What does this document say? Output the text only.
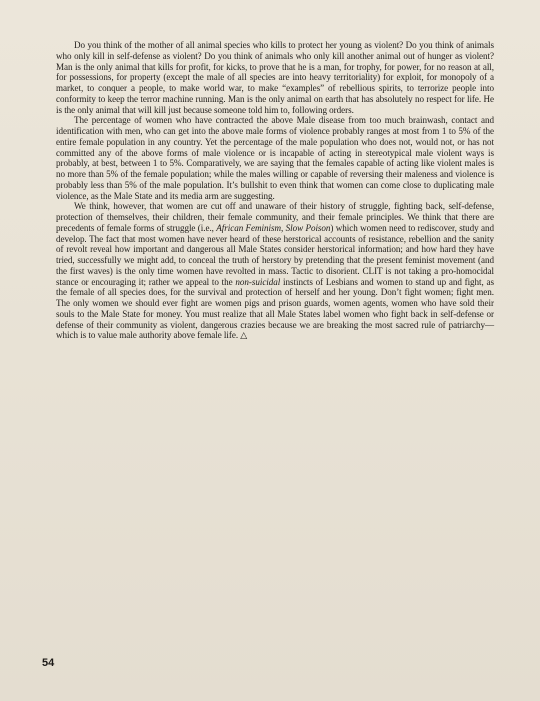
Do you think of the mother of all animal species who kills to protect her young as violent? Do you think of animals who only kill in self-defense as violent? Do you think of animals who only kill another animal out of hunger as violent? Man is the only animal that kills for profit, for kicks, to prove that he is a man, for trophy, for power, for no reason at all, for possessions, for property (except the male of all species are into heavy territoriality) for exploit, for monopoly of a market, to conquer a people, to make world war, to make “examples” of rebellious spirits, to terrorize people into conformity to keep the terror machine running. Man is the only animal on earth that has absolutely no respect for life. He is the only animal that will kill just because someone told him to, following orders.

The percentage of women who have contracted the above Male disease from too much brainwash, contact and identification with men, who can get into the above male forms of violence probably ranges at most from 1 to 5% of the entire female population in any country. Yet the percentage of the male population who does not, would not, or has not committed any of the above forms of male violence or is incapable of acting in stereotypical male violent ways is probably, at best, between 1 to 5%. Comparatively, we are saying that the females capable of acting like violent males is no more than 5% of the female population; while the males willing or capable of reversing their maleness and violence is probably less than 5% of the male population. It’s bullshit to even think that women can come close to duplicating male violence, as the Male State and its media arm are suggesting.

We think, however, that women are cut off and unaware of their history of struggle, fighting back, self-defense, protection of themselves, their children, their female community, and their female principles. We think that there are precedents of female forms of struggle (i.e., African Feminism, Slow Poison) which women need to rediscover, study and develop. The fact that most women have never heard of these herstorical accounts of resistance, rebellion and the sanity of revolt reveal how important and dangerous all Male States consider herstorical information; and how hard they have tried, successfully we might add, to conceal the truth of herstory by pretending that the present feminist movement (and the first waves) is the only time women have revolted in mass. Tactic to disorient. CLIT is not taking a pro-homocidal stance or encouraging it; rather we appeal to the non-suicidal instincts of Lesbians and women to stand up and fight, as the female of all species does, for the survival and protection of herself and her young. Don’t fight women; fight men. The only women we should ever fight are women pigs and prison guards, women agents, women who have sold their souls to the Male State for money. You must realize that all Male States label women who fight back in self-defense or defense of their community as violent, dangerous crazies because we are breaking the most sacred rule of patriarchy—which is to value male authority above female life. △

54
